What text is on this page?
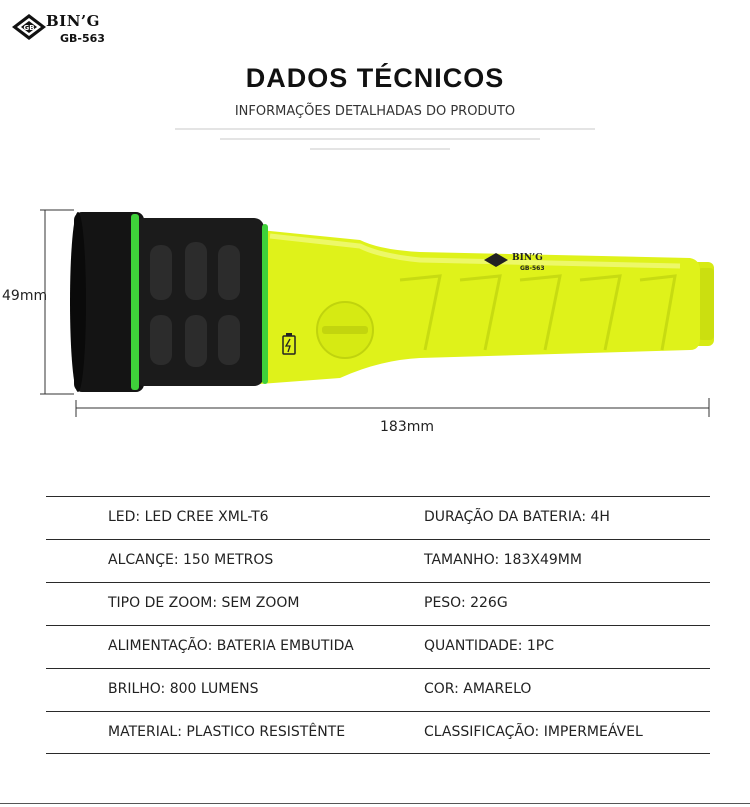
GB BIN’G
GB-563
DADOS TÉCNICOS
INFORMAÇÕES DETALHADAS DO PRODUTO
BIN’G
GB-563
49mm
183mm
LED: LED CREE XML-T6	DURAÇÃO DA BATERIA: 4H
ALCANÇE: 150 METROS	TAMANHO: 183X49MM
TIPO DE ZOOM: SEM ZOOM	PESO: 226G
ALIMENTAÇÃO: BATERIA EMBUTIDA	QUANTIDADE: 1PC
BRILHO: 800 LUMENS	COR: AMARELO
MATERIAL: PLASTICO RESISTÊNTE	CLASSIFICAÇÃO: IMPERMEÁVEL
